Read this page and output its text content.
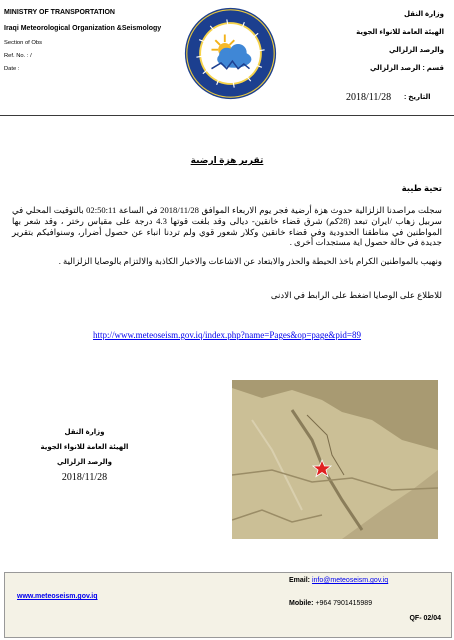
MINISTRY OF TRANSPORTATION
Iraqi Meteorological Organization &Seismology
Section of Obs
Ref. No. : /
Date :
وزارة النقل
الهيئة العامة للانواء الجوية
والرصد الزلزالي
قسم : الرصد الزلزالي
التاريخ :
2018/11/28
تقرير هزة ارضية
تحية طيبة
سجلت مراصدنا الزلزالية حدوث هزة أرضية فجر يوم الاربعاء الموافق 2018/11/28 في الساعة 02:50:11 بالتوقيت المحلي في سربيل زهاب /ايران تبعد (28كم) شرق قضاء خانقين- ديالى وقد بلغت قوتها 4.3 درجة على مقياس رختر ، وقد شعر بها المواطنين في مناطقنا الحدودية وفي قضاء خانقين وكلار شعور قوي ولم تردنا انباء عن حصول أضرار، وسنوافيكم بتقرير جديدة في حالة حصول اية مستجدات أخرى .
ونهيب بالمواطنين الكرام باخذ الحيطة والحذر والابتعاد عن الاشاعات والاخبار الكاذبة والالتزام بالوصايا الزلزالية .
للاطلاع على الوصايا اضغط على الرابط في الادنى
http://www.meteoseism.gov.iq/index.php?name=Pages&op=page&pid=89
وزارة النقل
الهيئة العامة للانواء الجوية
والرصد الزلزالي
2018/11/28
www.meteoseism.gov.iq
Email: info@meteoseism.gov.iq
Mobile: +964 7901415989
QF- 02/04
